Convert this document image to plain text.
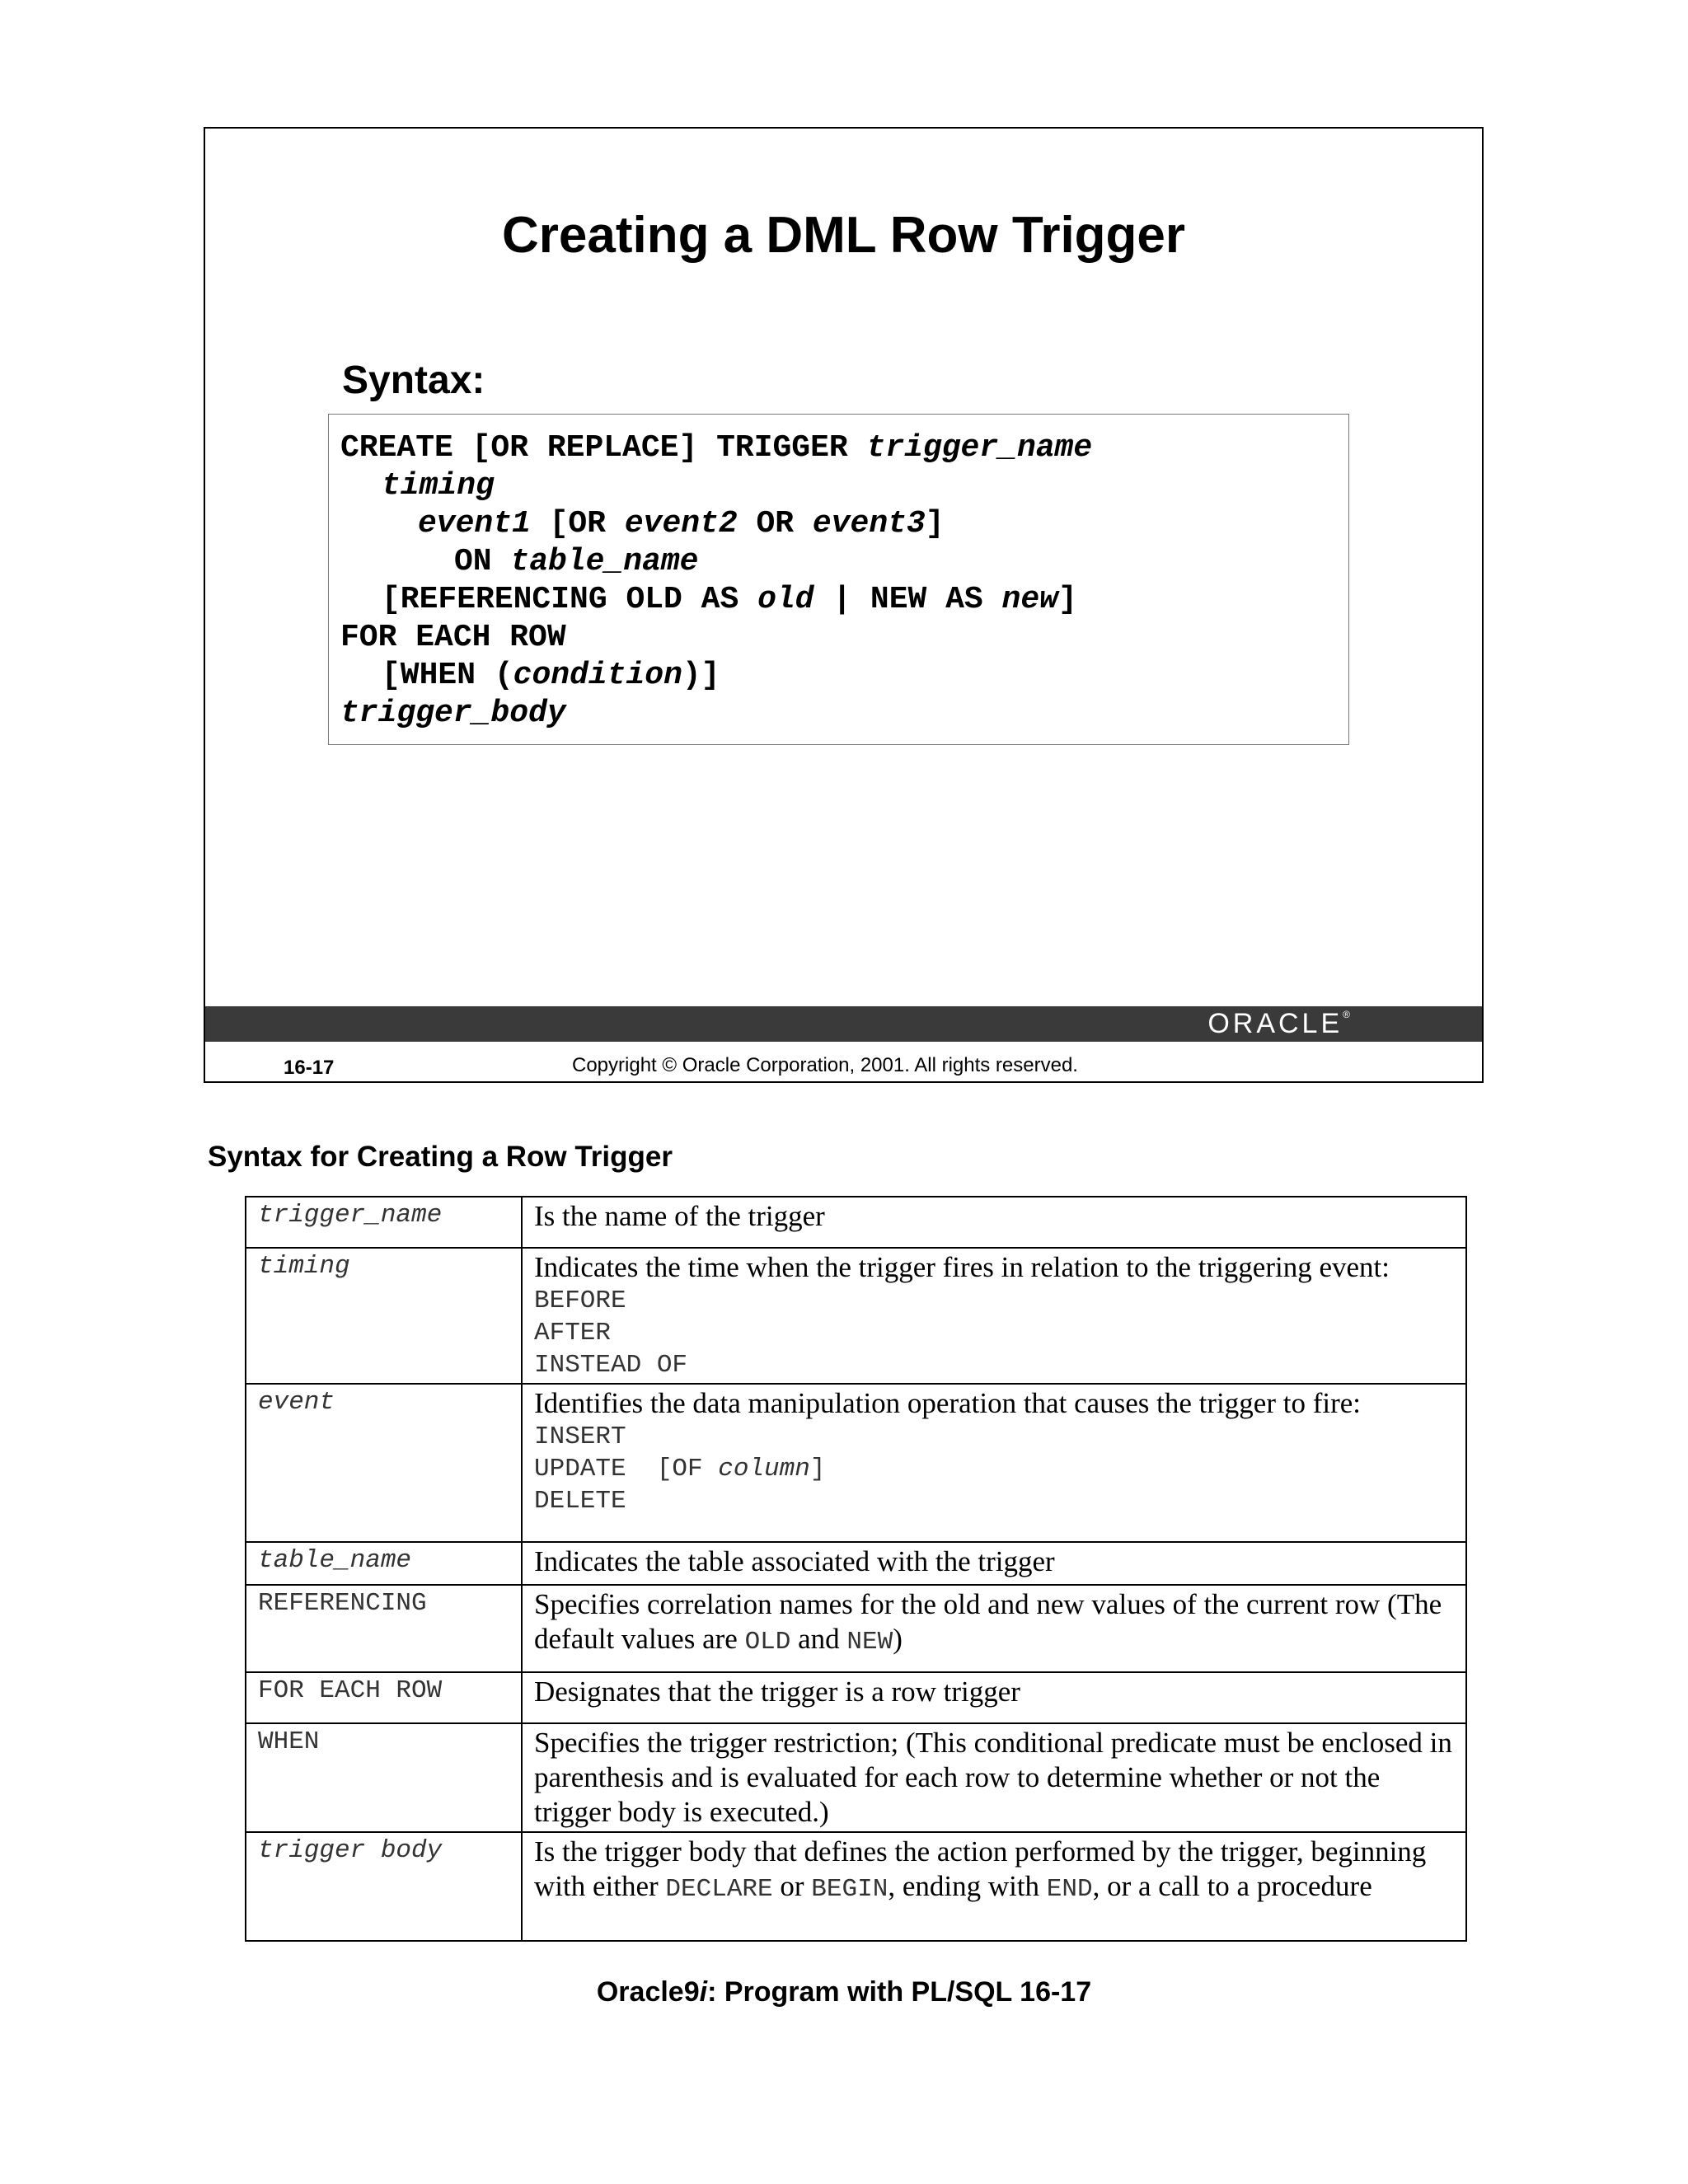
Creating a DML Row Trigger
Syntax:
CREATE [OR REPLACE] TRIGGER trigger_name
timing
event1 [OR event2 OR event3]
ON table_name
[REFERENCING OLD AS old | NEW AS new]
FOR EACH ROW
[WHEN (condition)]
trigger_body
ORACLE®
16-17	Copyright © Oracle Corporation, 2001. All rights reserved.
Syntax for Creating a Row Trigger
trigger_name	Is the name of the trigger
timing	Indicates the time when the trigger fires in relation to the triggering event:
BEFORE
AFTER
INSTEAD OF

event	Identifies the data manipulation operation that causes the trigger to fire:
INSERT
UPDATE  [OF column]
DELETE

table_name	Indicates the table associated with the trigger
REFERENCING	Specifies correlation names for the old and new values of the current row (The default values are OLD and NEW)
FOR EACH ROW	Designates that the trigger is a row trigger
WHEN	Specifies the trigger restriction; (This conditional predicate must be enclosed in parenthesis and is evaluated for each row to determine whether or not the trigger body is executed.)
trigger body	Is the trigger body that defines the action performed by the trigger, beginning with either DECLARE or BEGIN, ending with END, or a call to a procedure
Oracle9i: Program with PL/SQL 16-17
